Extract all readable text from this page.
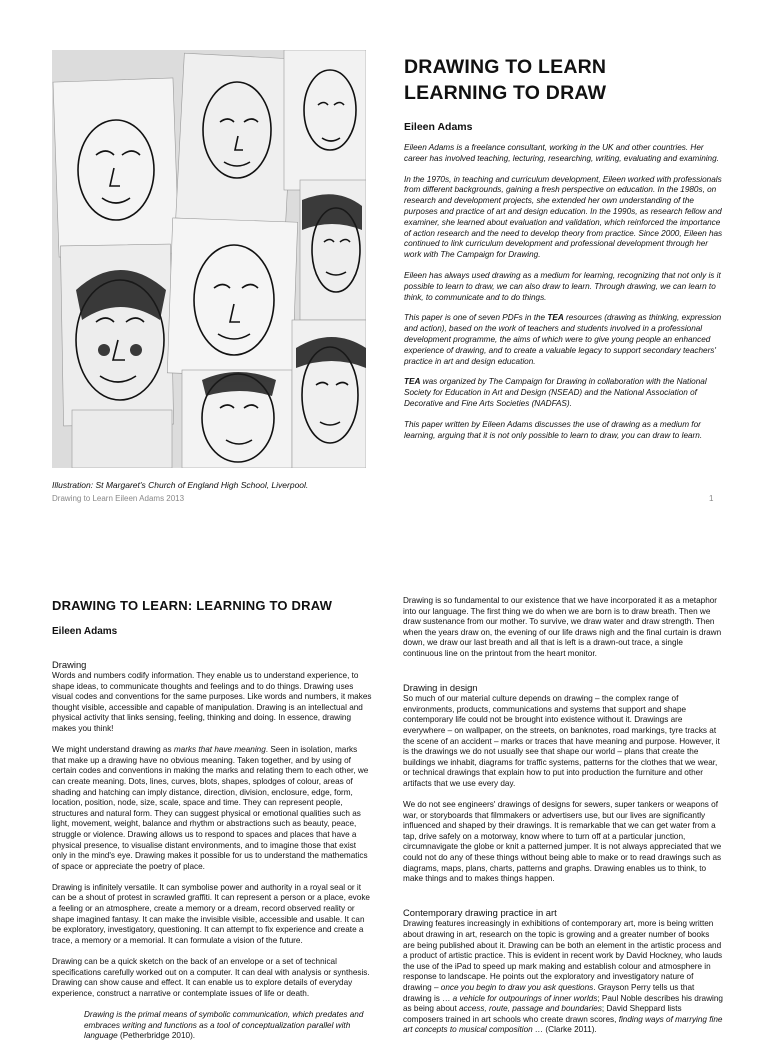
Illustration: St Margaret's Church of England High School, Liverpool.
Drawing to Learn Eileen Adams 2013	1
DRAWING TO LEARN
LEARNING TO DRAW
Eileen Adams

Eileen Adams is a freelance consultant, working in the UK and other countries. Her career has involved teaching, lecturing, researching, writing, evaluating and examining.

In the 1970s, in teaching and curriculum development, Eileen worked with professionals from different backgrounds, gaining a fresh perspective on education. In the 1980s, on research and development projects, she extended her own understanding of the purposes and practice of art and design education. In the 1990s, as research fellow and examiner, she learned about evaluation and validation, which reinforced the importance of action research and the need to develop theory from practice. Since 2000, Eileen has continued to link curriculum development and professional development through her work with The Campaign for Drawing.

Eileen has always used drawing as a medium for learning, recognizing that not only is it possible to learn to draw, we can also draw to learn. Through drawing, we can learn to think, to communicate and to do things.

This paper is one of seven PDFs in the TEA resources (drawing as thinking, expression and action), based on the work of teachers and students involved in a professional development programme, the aims of which were to give young people an enhanced experience of drawing, and to create a valuable legacy to support secondary teachers' practice in art and design education.

TEA was organized by The Campaign for Drawing in collaboration with the National Society for Education in Art and Design (NSEAD) and the National Association of Decorative and Fine Arts Societies (NADFAS).

This paper written by Eileen Adams discusses the use of drawing as a medium for learning, arguing that it is not only possible to learn to draw, you can draw to learn.

DRAWING TO LEARN: LEARNING TO DRAW
Eileen Adams
Drawing

Words and numbers codify information. They enable us to understand experience, to shape ideas, to communicate thoughts and feelings and to do things. Drawing uses visual codes and conventions for the same purposes. Like words and numbers, it makes thought visible, accessible and capable of manipulation. Drawing is an intellectual and physical activity that links sensing, feeling, thinking and doing. In essence, drawing makes you think!

We might understand drawing as marks that have meaning. Seen in isolation, marks that make up a drawing have no obvious meaning. Taken together, and by using of certain codes and conventions in making the marks and relating them to each other, we can create meaning. Dots, lines, curves, blots, shapes, splodges of colour, areas of shading and hatching can imply distance, direction, division, enclosure, edge, form, location, position, node, size, scale, space and time. They can represent people, structures and natural form. They can suggest physical or emotional qualities such as light, movement, weight, balance and rhythm or abstractions such as beauty, peace, struggle or violence. Drawing allows us to respond to spaces and places that have a physical presence, to visualise distant environments, and to imagine those that exist only in the mind's eye. Drawing makes it possible for us to understand the mathematics of space or appreciate the poetry of place.

Drawing is infinitely versatile. It can symbolise power and authority in a royal seal or it can be a shout of protest in scrawled graffiti. It can represent a person or a place, evoke a feeling or an atmosphere, create a memory or a dream, record observed reality or shape imagined fantasy. It can make the invisible visible, accessible and usable. It can be exploratory, investigatory, questioning. It can attempt to fix experience and create a trace, a memory or a memorial. It can formulate a vision of the future.

Drawing can be a quick sketch on the back of an envelope or a set of technical specifications carefully worked out on a computer. It can deal with analysis or synthesis. Drawing can show cause and effect. It can enable us to explore details of everyday experience, construct a narrative or contemplate issues of life or death.

Drawing is the primal means of symbolic communication, which predates and embraces writing and functions as a tool of conceptualization parallel with language (Petherbridge 2010).

Drawing is so fundamental to our existence that we have incorporated it as a metaphor into our language. The first thing we do when we are born is to draw breath. Then we draw sustenance from our mother. To survive, we draw water and draw strength. Then when the years draw on, the evening of our life draws nigh and the final curtain is drawn down, we draw our last breath and all that is left is a drawn-out trace, a single continuous line on the printout from the heart monitor.

Drawing in design

So much of our material culture depends on drawing – the complex range of environments, products, communications and systems that support and shape contemporary life could not be brought into existence without it. Drawings are everywhere – on wallpaper, on the streets, on banknotes, road markings, tyre tracks at the scene of an accident – marks or traces that have meaning and purpose. However, it is the drawings we do not usually see that shape our world – plans that create the buildings we inhabit, diagrams for traffic systems, patterns for the clothes that we wear, or technical drawings that explain how to put into production the furniture and other artifacts that we use every day.

We do not see engineers' drawings of designs for sewers, super tankers or weapons of war, or storyboards that filmmakers or advertisers use, but our lives are significantly influenced and shaped by their drawings. It is remarkable that we can get water from a tap, drive safely on a motorway, know where to turn off at a particular junction, circumnavigate the globe or knit a patterned jumper. It is not always appreciated that we could not do any of these things without being able to make or to read drawings such as diagrams, maps, plans, charts, patterns and graphs. Drawing enables us to think, to make things and to makes things happen.

Contemporary drawing practice in art

Drawing features increasingly in exhibitions of contemporary art, more is being written about drawing in art, research on the topic is growing and a greater number of books are being published about it. Drawing can be both an element in the artistic process and a product of artistic practice. This is evident in recent work by David Hockney, who lauds the use of the iPad to speed up mark making and establish colour and atmosphere in response to landscape. He points out the exploratory and investigatory nature of drawing – once you begin to draw you ask questions. Grayson Perry tells us that drawing is … a vehicle for outpourings of inner worlds; Paul Noble describes his drawing as being about access, route, passage and boundaries; David Sheppard lists composers trained in art schools who create drawn scores, finding ways of marrying fine art concepts to musical composition … (Clarke 2011).
